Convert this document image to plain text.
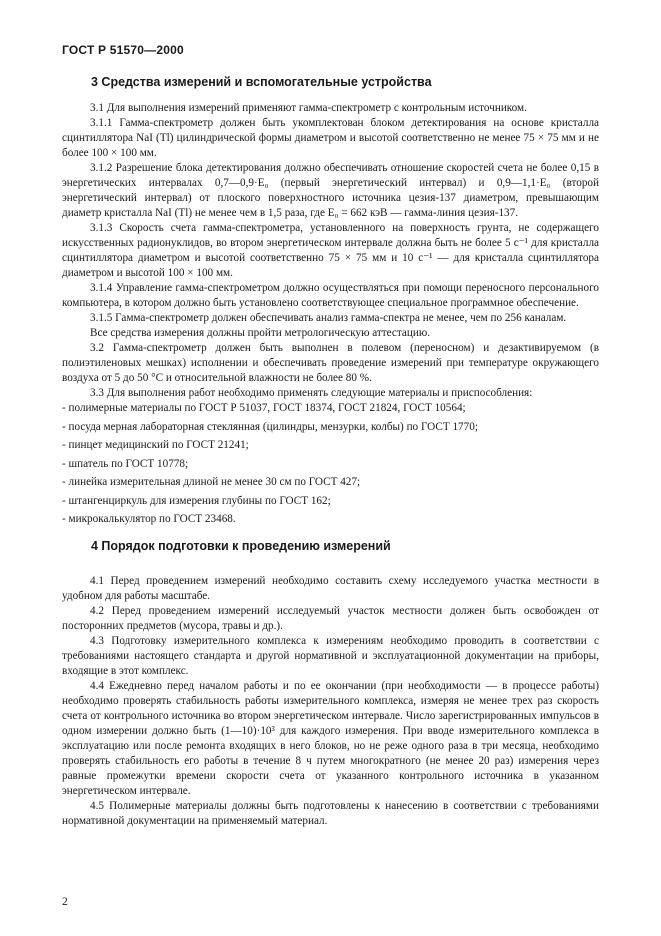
ГОСТ Р 51570—2000
3 Средства измерений и вспомогательные устройства

3.1 Для выполнения измерений применяют гамма-спектрометр с контрольным источником.

3.1.1 Гамма-спектрометр должен быть укомплектован блоком детектирования на основе кристалла сцинтиллятора NaI (Tl) цилиндрической формы диаметром и высотой соответственно не менее 75 × 75 мм и не более 100 × 100 мм.

3.1.2 Разрешение блока детектирования должно обеспечивать отношение скоростей счета не более 0,15 в энергетических интервалах 0,7—0,9·E₀ (первый энергетический интервал) и 0,9—1,1·E₀ (второй энергетический интервал) от плоского поверхностного источника цезия-137 диаметром, превышающим диаметр кристалла NaI (Tl) не менее чем в 1,5 раза, где E₀ = 662 кэВ — гамма-линия цезия-137.

3.1.3 Скорость счета гамма-спектрометра, установленного на поверхность грунта, не содержащего искусственных радионуклидов, во втором энергетическом интервале должна быть не более 5 с⁻¹ для кристалла сцинтиллятора диаметром и высотой соответственно 75 × 75 мм и 10 с⁻¹ — для кристалла сцинтиллятора диаметром и высотой 100 × 100 мм.

3.1.4 Управление гамма-спектрометром должно осуществляться при помощи переносного персонального компьютера, в котором должно быть установлено соответствующее специальное программное обеспечение.

3.1.5 Гамма-спектрометр должен обеспечивать анализ гамма-спектра не менее, чем по 256 каналам.

Все средства измерения должны пройти метрологическую аттестацию.

3.2 Гамма-спектрометр должен быть выполнен в полевом (переносном) и дезактивируемом (в полиэтиленовых мешках) исполнении и обеспечивать проведение измерений при температуре окружающего воздуха от 5 до 50 °С и относительной влажности не более 80 %.

3.3 Для выполнения работ необходимо применять следующие материалы и приспособления:

- полимерные материалы по ГОСТ Р 51037, ГОСТ 18374, ГОСТ 21824, ГОСТ 10564;
- посуда мерная лабораторная стеклянная (цилиндры, мензурки, колбы) по ГОСТ 1770;
- пинцет медицинский по ГОСТ 21241;
- шпатель по ГОСТ 10778;
- линейка измерительная длиной не менее 30 см по ГОСТ 427;
- штангенциркуль для измерения глубины по ГОСТ 162;
- микрокалькулятор по ГОСТ 23468.
4 Порядок подготовки к проведению измерений

4.1 Перед проведением измерений необходимо составить схему исследуемого участка местности в удобном для работы масштабе.

4.2 Перед проведением измерений исследуемый участок местности должен быть освобожден от посторонних предметов (мусора, травы и др.).

4.3 Подготовку измерительного комплекса к измерениям необходимо проводить в соответствии с требованиями настоящего стандарта и другой нормативной и эксплуатационной документации на приборы, входящие в этот комплекс.

4.4 Ежедневно перед началом работы и по ее окончании (при необходимости — в процессе работы) необходимо проверять стабильность работы измерительного комплекса, измеряя не менее трех раз скорость счета от контрольного источника во втором энергетическом интервале. Число зарегистрированных импульсов в одном измерении должно быть (1—10)·10³ для каждого измерения. При вводе измерительного комплекса в эксплуатацию или после ремонта входящих в него блоков, но не реже одного раза в три месяца, необходимо проверять стабильность его работы в течение 8 ч путем многократного (не менее 20 раз) измерения через равные промежутки времени скорости счета от указанного контрольного источника в указанном энергетическом интервале.

4.5 Полимерные материалы должны быть подготовлены к нанесению в соответствии с требованиями нормативной документации на применяемый материал.

2
